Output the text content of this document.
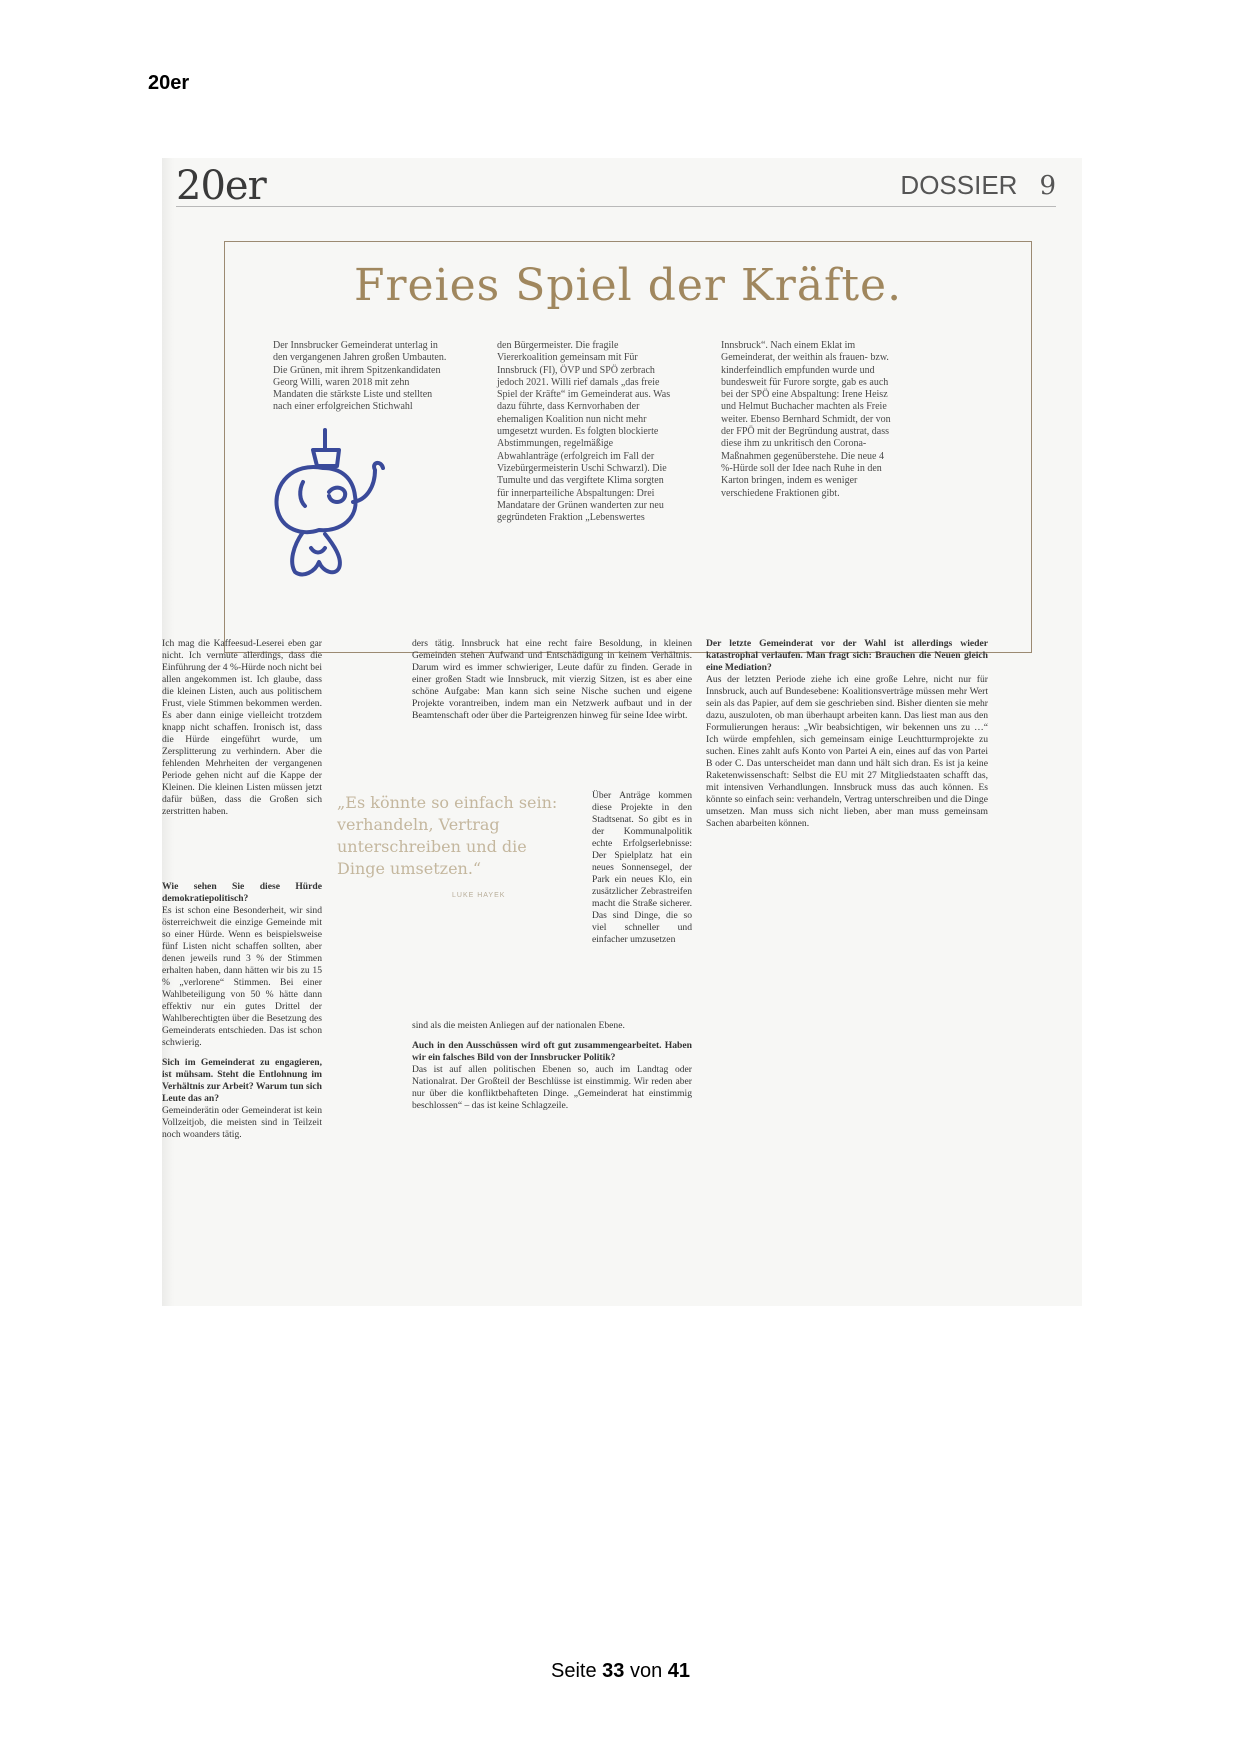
20er
20er	DOSSIER 9
Freies Spiel der Kräfte.
Der Innsbrucker Gemeinderat unterlag in den vergangenen Jahren großen Umbauten. Die Grünen, mit ihrem Spitzenkandidaten Georg Willi, waren 2018 mit zehn Mandaten die stärkste Liste und stellten nach einer erfolgreichen Stichwahl
den Bürgermeister. Die fragile Viererkoalition gemeinsam mit Für Innsbruck (FI), ÖVP und SPÖ zerbrach jedoch 2021. Willi rief damals „das freie Spiel der Kräfte“ im Gemeinderat aus. Was dazu führte, dass Kernvorhaben der ehemaligen Koalition nun nicht mehr umgesetzt wurden. Es folgten blockierte Abstimmungen, regelmäßige Abwahlanträge (erfolgreich im Fall der Vizebürgermeisterin Uschi Schwarzl). Die Tumulte und das vergiftete Klima sorgten für innerparteiliche Abspaltungen: Drei Mandatare der Grünen wanderten zur neu gegründeten Fraktion „Lebenswertes
Innsbruck“. Nach einem Eklat im Gemeinderat, der weithin als frauen- bzw. kinderfeindlich empfunden wurde und bundesweit für Furore sorgte, gab es auch bei der SPÖ eine Abspaltung: Irene Heisz und Helmut Buchacher machten als Freie weiter. Ebenso Bernhard Schmidt, der von der FPÖ mit der Begründung austrat, dass diese ihm zu unkritisch den Corona-Maßnahmen gegenüberstehe. Die neue 4 %-Hürde soll der Idee nach Ruhe in den Karton bringen, indem es weniger verschiedene Fraktionen gibt.
Ich mag die Kaffeesud-Leserei eben gar nicht. Ich vermute allerdings, dass die Einführung der 4 %-Hürde noch nicht bei allen angekommen ist. Ich glaube, dass die kleinen Listen, auch aus politischem Frust, viele Stimmen bekommen werden. Es aber dann einige vielleicht trotzdem knapp nicht schaffen. Ironisch ist, dass die Hürde eingeführt wurde, um Zersplitterung zu verhindern. Aber die fehlenden Mehrheiten der vergangenen Periode gehen nicht auf die Kappe der Kleinen. Die kleinen Listen müssen jetzt dafür büßen, dass die Großen sich zerstritten haben.	„Es könnte so einfach sein: verhandeln, Vertrag unterschreiben und die Dinge umsetzen.“
LUKE HAYEK

Wie sehen Sie diese Hürde demokratiepolitisch?

Es ist schon eine Besonderheit, wir sind österreichweit die einzige Gemeinde mit so einer Hürde. Wenn es beispielsweise fünf Listen nicht schaffen sollten, aber denen jeweils rund 3 % der Stimmen erhalten haben, dann hätten wir bis zu 15 % „verlorene“ Stimmen. Bei einer Wahlbeteiligung von 50 % hätte dann effektiv nur ein gutes Drittel der Wahlberechtigten über die Besetzung des Gemeinderats entschieden. Das ist schon schwierig.

Sich im Gemeinderat zu engagieren, ist mühsam. Steht die Entlohnung im Verhältnis zur Arbeit? Warum tun sich Leute das an?

Gemeinderätin oder Gemeinderat ist kein Vollzeitjob, die meisten sind in Teilzeit noch woanders tätig.

ders tätig. Innsbruck hat eine recht faire Besoldung, in kleinen Gemeinden stehen Aufwand und Entschädigung in keinem Verhältnis. Darum wird es immer schwieriger, Leute dafür zu finden. Gerade in einer großen Stadt wie Innsbruck, mit vierzig Sitzen, ist es aber eine schöne Aufgabe: Man kann sich seine Nische suchen und eigene Projekte vorantreiben, indem man ein Netzwerk aufbaut und in der Beamtenschaft oder über die Parteigrenzen hinweg für seine Idee wirbt.
Über Anträge kommen diese Projekte in den Stadtsenat. So gibt es in der Kommunalpolitik echte Erfolgserlebnisse: Der Spielplatz hat ein neues Sonnensegel, der Park ein neues Klo, ein zusätzlicher Zebrastreifen macht die Straße sicherer. Das sind Dinge, die so viel schneller und einfacher umzusetzen

sind als die meisten Anliegen auf der nationalen Ebene.

Auch in den Ausschüssen wird oft gut zusammengearbeitet. Haben wir ein falsches Bild von der Innsbrucker Politik?

Das ist auf allen politischen Ebenen so, auch im Landtag oder Nationalrat. Der Großteil der Beschlüsse ist einstimmig. Wir reden aber nur über die konfliktbehafteten Dinge. „Gemeinderat hat einstimmig beschlossen“ – das ist keine Schlagzeile.

Der letzte Gemeinderat vor der Wahl ist allerdings wieder katastrophal verlaufen. Man fragt sich: Brauchen die Neuen gleich eine Mediation?

Aus der letzten Periode ziehe ich eine große Lehre, nicht nur für Innsbruck, auch auf Bundesebene: Koalitionsverträge müssen mehr Wert sein als das Papier, auf dem sie geschrieben sind. Bisher dienten sie mehr dazu, auszuloten, ob man überhaupt arbeiten kann. Das liest man aus den Formulierungen heraus: „Wir beabsichtigen, wir bekennen uns zu …“ Ich würde empfehlen, sich gemeinsam einige Leuchtturmprojekte zu suchen. Eines zahlt aufs Konto von Partei A ein, eines auf das von Partei B oder C. Das unterscheidet man dann und hält sich dran. Es ist ja keine Raketenwissenschaft: Selbst die EU mit 27 Mitgliedstaaten schafft das, mit intensiven Verhandlungen. Innsbruck muss das auch können. Es könnte so einfach sein: verhandeln, Vertrag unterschreiben und die Dinge umsetzen. Man muss sich nicht lieben, aber man muss gemeinsam Sachen abarbeiten können.

Seite 33 von 41
